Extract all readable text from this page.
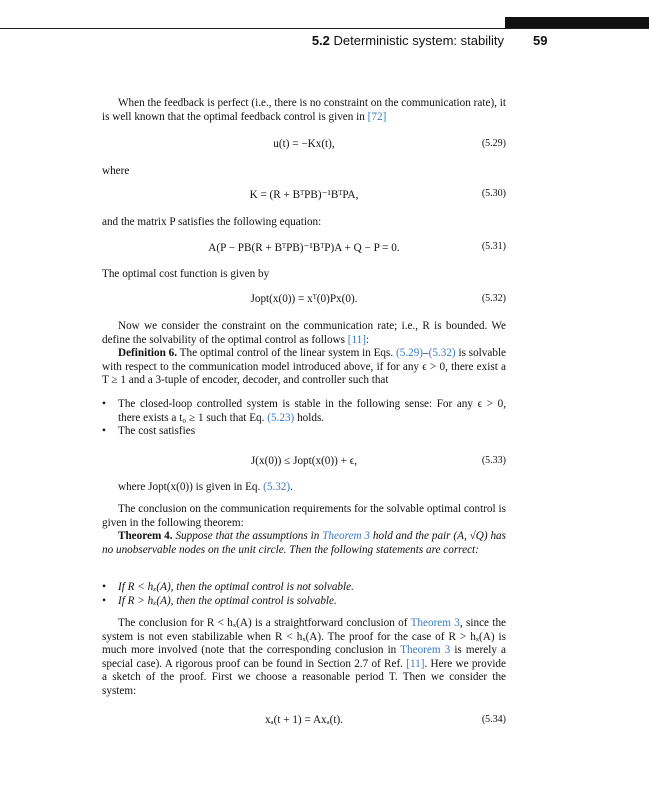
5.2 Deterministic system: stability 59

When the feedback is perfect (i.e., there is no constraint on the communication rate), it is well known that the optimal feedback control is given in [72]

u(t) = −Kx(t),	(5.29)
where
K = (R + BᵀPB)⁻¹BᵀPA,	(5.30)
and the matrix P satisfies the following equation:
A(P − PB(R + BᵀPB)⁻¹BᵀP)A + Q − P = 0.	(5.31)
The optimal cost function is given by
Jopt(x(0)) = xᵀ(0)Px(0).	(5.32)

Now we consider the constraint on the communication rate; i.e., R is bounded. We define the solvability of the optimal control as follows [11]:

Definition 6. The optimal control of the linear system in Eqs. (5.29)–(5.32) is solvable with respect to the communication model introduced above, if for any ϵ > 0, there exist a T ≥ 1 and a 3-tuple of encoder, decoder, and controller such that

• The closed-loop controlled system is stable in the following sense: For any ϵ > 0, there exists a t₀ ≥ 1 such that Eq. (5.23) holds.
• The cost satisfies
J(x(0)) ≤ Jopt(x(0)) + ϵ,	(5.33)

where Jopt(x(0)) is given in Eq. (5.32).

The conclusion on the communication requirements for the solvable optimal control is given in the following theorem:

Theorem 4. Suppose that the assumptions in Theorem 3 hold and the pair (A, √Q) has no unobservable nodes on the unit circle. Then the following statements are correct:

• If R < hₓ(A), then the optimal control is not solvable.
• If R > hₓ(A), then the optimal control is solvable.

The conclusion for R < hₓ(A) is a straightforward conclusion of Theorem 3, since the system is not even stabilizable when R < hₓ(A). The proof for the case of R > hₓ(A) is much more involved (note that the corresponding conclusion in Theorem 3 is merely a special case). A rigorous proof can be found in Section 2.7 of Ref. [11]. Here we provide a sketch of the proof. First we choose a reasonable period T. Then we consider the system:

xₐ(t + 1) = Axₐ(t).	(5.34)
